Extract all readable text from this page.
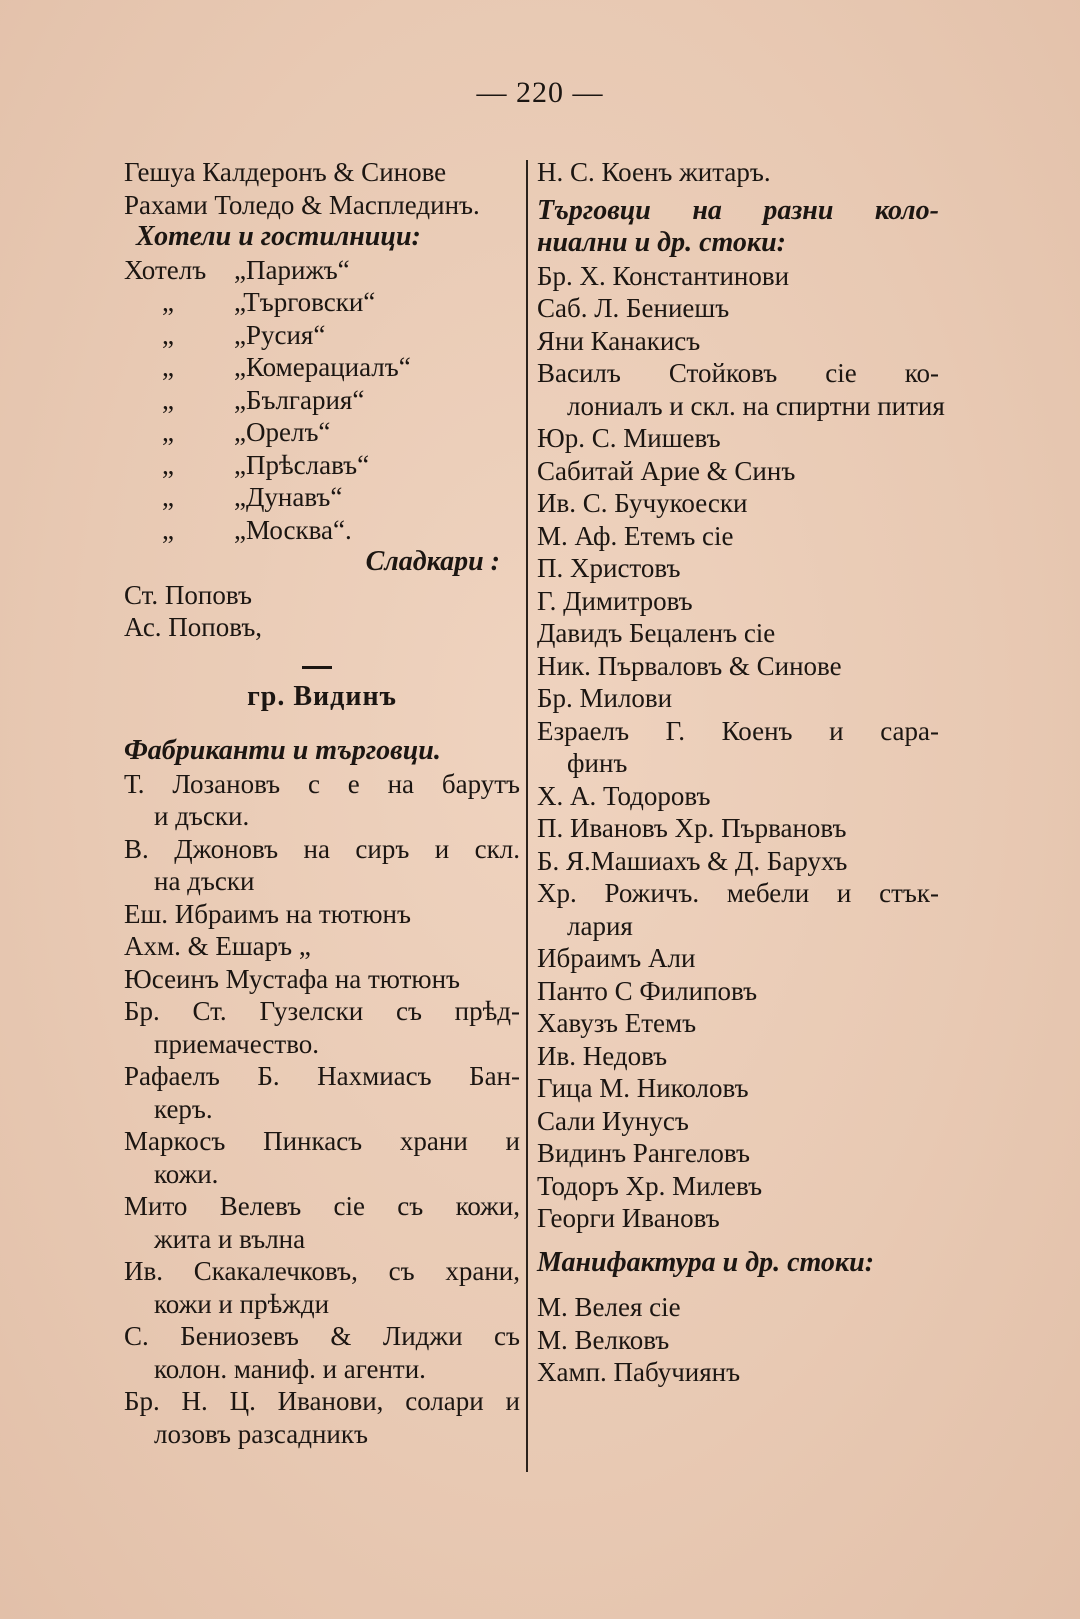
— 220 —
Гешуа Калдеронъ & Синове
Рахами Толедо & Масплединъ.
Хотели и гостилници:
Хотелъ	„Парижъ“
„	„Търговски“
„	„Русия“
„	„Комерациалъ“
„	„България“
„	„Орелъ“
„	„Прѣславъ“
„	„Дунавъ“
„	„Москва“.
Сладкари :
Ст. Поповъ
Ас. Поповъ,
гр. Видинъ
Фабриканти и търговци.
Т. Лозановъ с е на барутъ
и дъски.
В. Джоновъ на сиръ и скл.
на дъски
Еш. Ибраимъ на тютюнъ
Ахм. & Ешаръ „
Юсеинъ Мустафа на тютюнъ
Бр. Ст. Гузелски съ прѣд-
приемачество.
Рафаелъ Б. Нахмиасъ Бан-
керъ.
Маркосъ Пинкасъ храни и
кожи.
Мито Велевъ сiе съ кожи,
жита и вълна
Ив. Скакалечковъ, съ храни,
кожи и прѣжди
С. Бениозевъ & Лиджи съ
колон. маниф. и агенти.
Бр. Н. Ц. Иванови, солари и
лозовъ разсадникъ
Н. С. Коенъ житаръ.
Търговци на разни коло-
ниални и др. стоки:
Бр. Х. Константинови
Саб. Л. Бениешъ
Яни Канакисъ
Василъ Стойковъ сiе ко-
лониалъ и скл. на спиртни пития
Юр. С. Мишевъ
Сабитай Арие & Синъ
Ив. С. Бучукоески
М. Аф. Етемъ сiе
П. Христовъ
Г. Димитровъ
Давидъ Бецаленъ сiе
Ник. Първаловъ & Синове
Бр. Милови
Езраелъ Г. Коенъ и сара-
финъ
Х. А. Тодоровъ
П. Ивановъ Хр. Първановъ
Б. Я.Машиахъ & Д. Барухъ
Хр. Рожичъ. мебели и стък-
лария
Ибраимъ Али
Панто С Филиповъ
Хавузъ Етемъ
Ив. Недовъ
Гица М. Николовъ
Сали Иунусъ
Видинъ Рангеловъ
Тодоръ Хр. Милевъ
Георги Ивановъ
Манифактура и др. стоки:
М. Велея сiе
М. Велковъ
Хамп. Пабучиянъ
